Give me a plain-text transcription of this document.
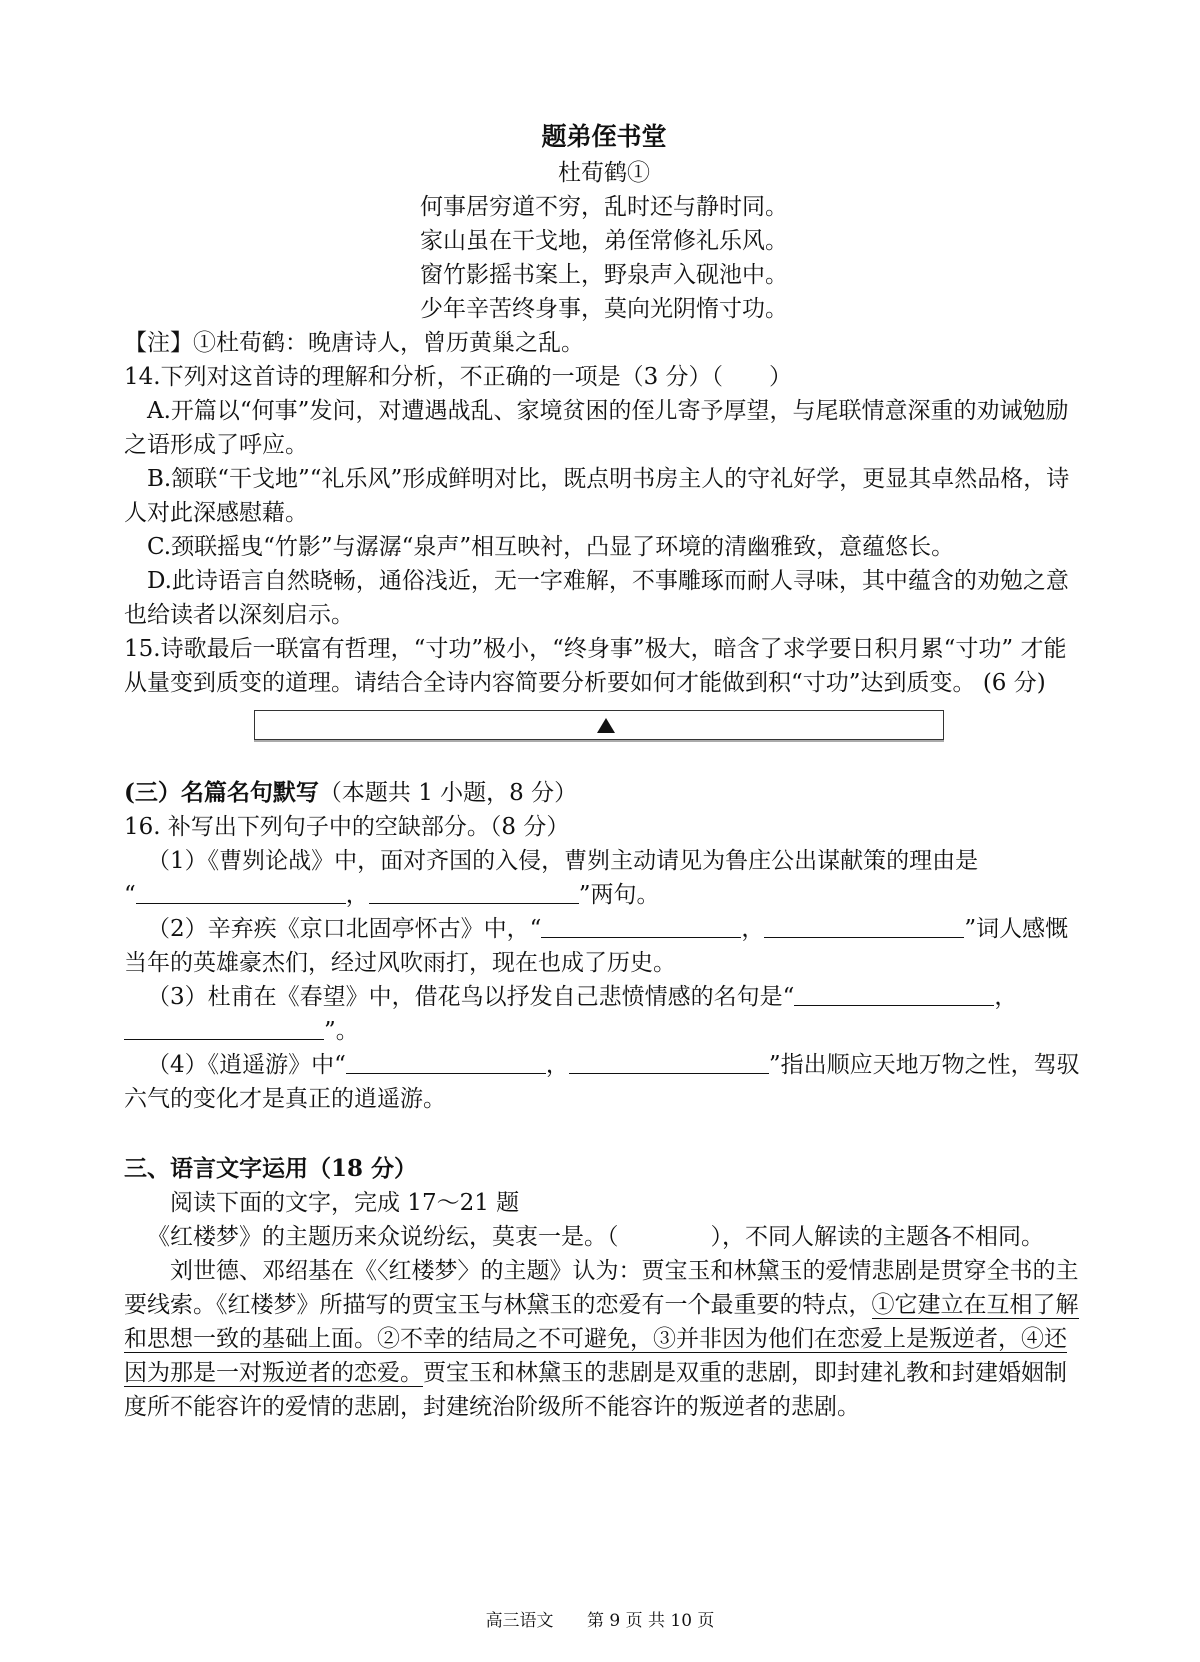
题弟侄书堂

杜荀鹤①

何事居穷道不穷，乱时还与静时同。

家山虽在干戈地，弟侄常修礼乐风。

窗竹影摇书案上，野泉声入砚池中。

少年辛苦终身事，莫向光阴惰寸功。

【注】①杜荀鹤：晚唐诗人，曾历黄巢之乱。

14.下列对这首诗的理解和分析，不正确的一项是（3 分）（　　）

A.开篇以“何事”发问，对遭遇战乱、家境贫困的侄儿寄予厚望，与尾联情意深重的劝诫勉励之语形成了呼应。

B.颔联“干戈地”“礼乐风”形成鲜明对比，既点明书房主人的守礼好学，更显其卓然品格，诗人对此深感慰藉。

C.颈联摇曳“竹影”与潺潺“泉声”相互映衬，凸显了环境的清幽雅致，意蕴悠长。

D.此诗语言自然晓畅，通俗浅近，无一字难解，不事雕琢而耐人寻味，其中蕴含的劝勉之意也给读者以深刻启示。

15.诗歌最后一联富有哲理，“寸功”极小，“终身事”极大，暗含了求学要日积月累“寸功” 才能从量变到质变的道理。请结合全诗内容简要分析要如何才能做到积“寸功”达到质变。 (6 分)

(三）名篇名句默写（本题共 1 小题，8 分）

16. 补写出下列句子中的空缺部分。（8 分）

（1）《曹刿论战》中，面对齐国的入侵，曹刿主动请见为鲁庄公出谋献策的理由是

“	，	”两句。

（2）辛弃疾《京口北固亭怀古》中，“	，	”词人感慨当年的英雄豪杰们，经过风吹雨打，现在也成了历史。

（3）杜甫在《春望》中，借花鸟以抒发自己悲愤情感的名句是“	，

”。

（4）《逍遥游》中“	，	”指出顺应天地万物之性，驾驭六气的变化才是真正的逍遥游。

三、语言文字运用（18 分）

阅读下面的文字，完成 17～21 题

《红楼梦》的主题历来众说纷纭，莫衷一是。（　　　　），不同人解读的主题各不相同。

刘世德、邓绍基在《〈红楼梦〉的主题》认为：贾宝玉和林黛玉的爱情悲剧是贯穿全书的主要线索。《红楼梦》所描写的贾宝玉与林黛玉的恋爱有一个最重要的特点，①它建立在互相了解和思想一致的基础上面。②不幸的结局之不可避免，③并非因为他们在恋爱上是叛逆者，④还因为那是一对叛逆者的恋爱。贾宝玉和林黛玉的悲剧是双重的悲剧，即封建礼教和封建婚姻制度所不能容许的爱情的悲剧，封建统治阶级所不能容许的叛逆者的悲剧。

高三语文 第 9 页 共 10 页
